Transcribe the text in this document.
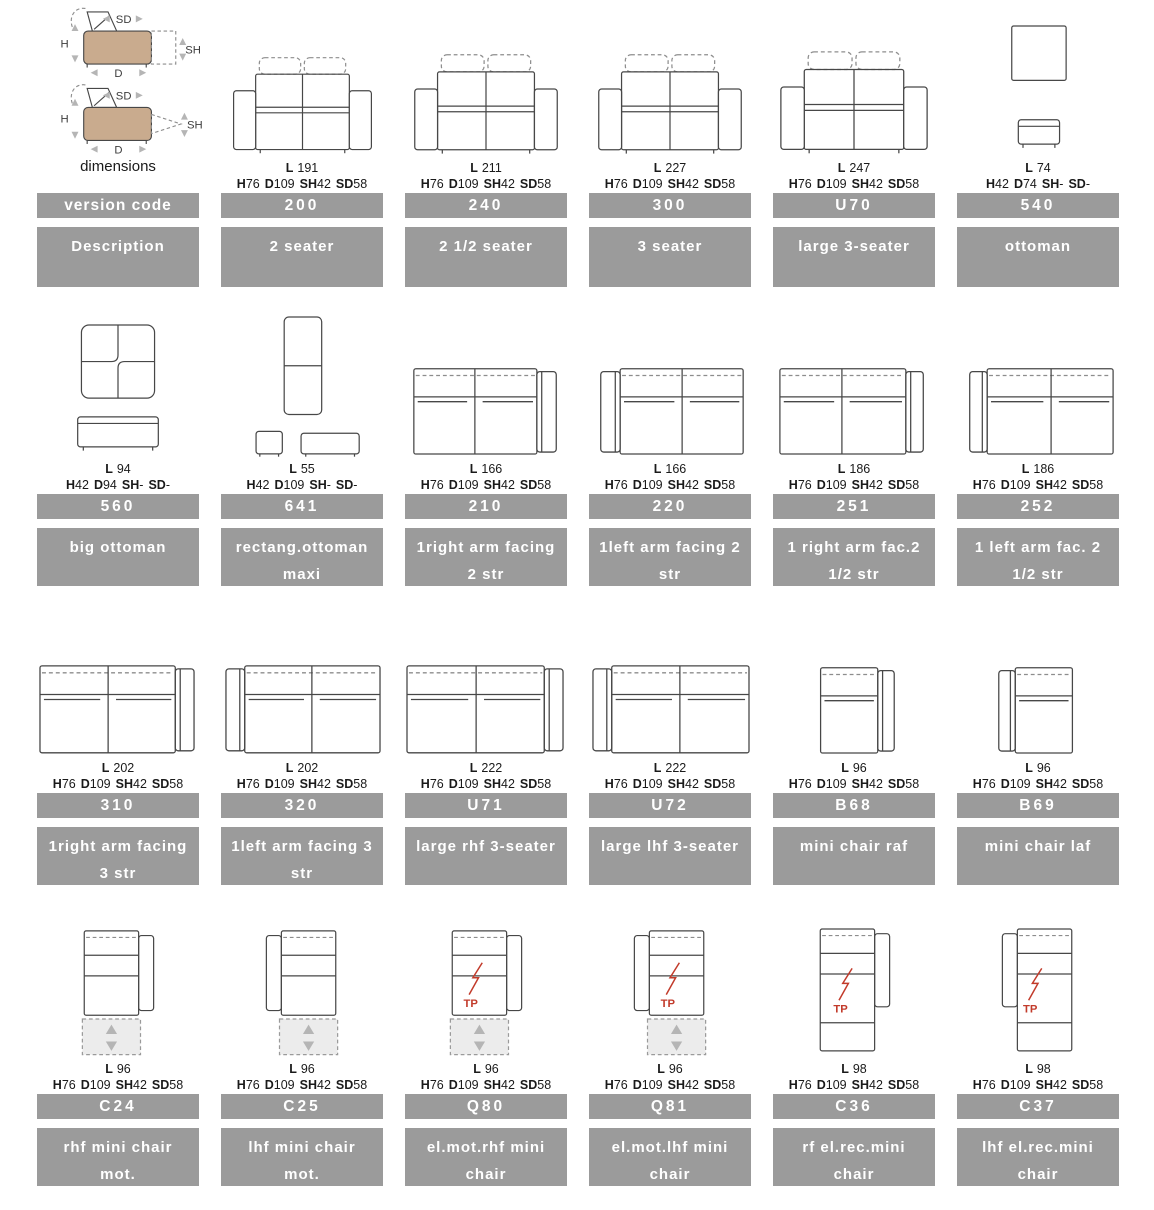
H
SD
SH
D
H
SD
SH
D
dimensions
version code
Description
L 191
H76 D109 SH42 SD58
200
2 seater
L 211
H76 D109 SH42 SD58
240
2 1/2 seater
L 227
H76 D109 SH42 SD58
300
3 seater
L 247
H76 D109 SH42 SD58
U70
large 3-seater
L 74
H42 D74 SH- SD-
540
ottoman
L 94
H42 D94 SH- SD-
560
big ottoman
L 55
H42 D109 SH- SD-
641
rectang.ottoman
maxi
L 166
H76 D109 SH42 SD58
210
1right arm facing
2 str
L 166
H76 D109 SH42 SD58
220
1left arm facing 2
str
L 186
H76 D109 SH42 SD58
251
1 right arm fac.2
1/2 str
L 186
H76 D109 SH42 SD58
252
1 left arm fac. 2
1/2 str
L 202
H76 D109 SH42 SD58
310
1right arm facing
3 str
L 202
H76 D109 SH42 SD58
320
1left arm facing 3
str
L 222
H76 D109 SH42 SD58
U71
large rhf 3-seater
L 222
H76 D109 SH42 SD58
U72
large lhf 3-seater
L 96
H76 D109 SH42 SD58
B68
mini chair raf
L 96
H76 D109 SH42 SD58
B69
mini chair laf
L 96
H76 D109 SH42 SD58
C24
rhf mini chair
mot.
L 96
H76 D109 SH42 SD58
C25
lhf mini chair
mot.
TP
L 96
H76 D109 SH42 SD58
Q80
el.mot.rhf mini
chair
TP
L 96
H76 D109 SH42 SD58
Q81
el.mot.lhf mini
chair
TP
L 98
H76 D109 SH42 SD58
C36
rf el.rec.mini
chair
TP
L 98
H76 D109 SH42 SD58
C37
lhf el.rec.mini
chair
